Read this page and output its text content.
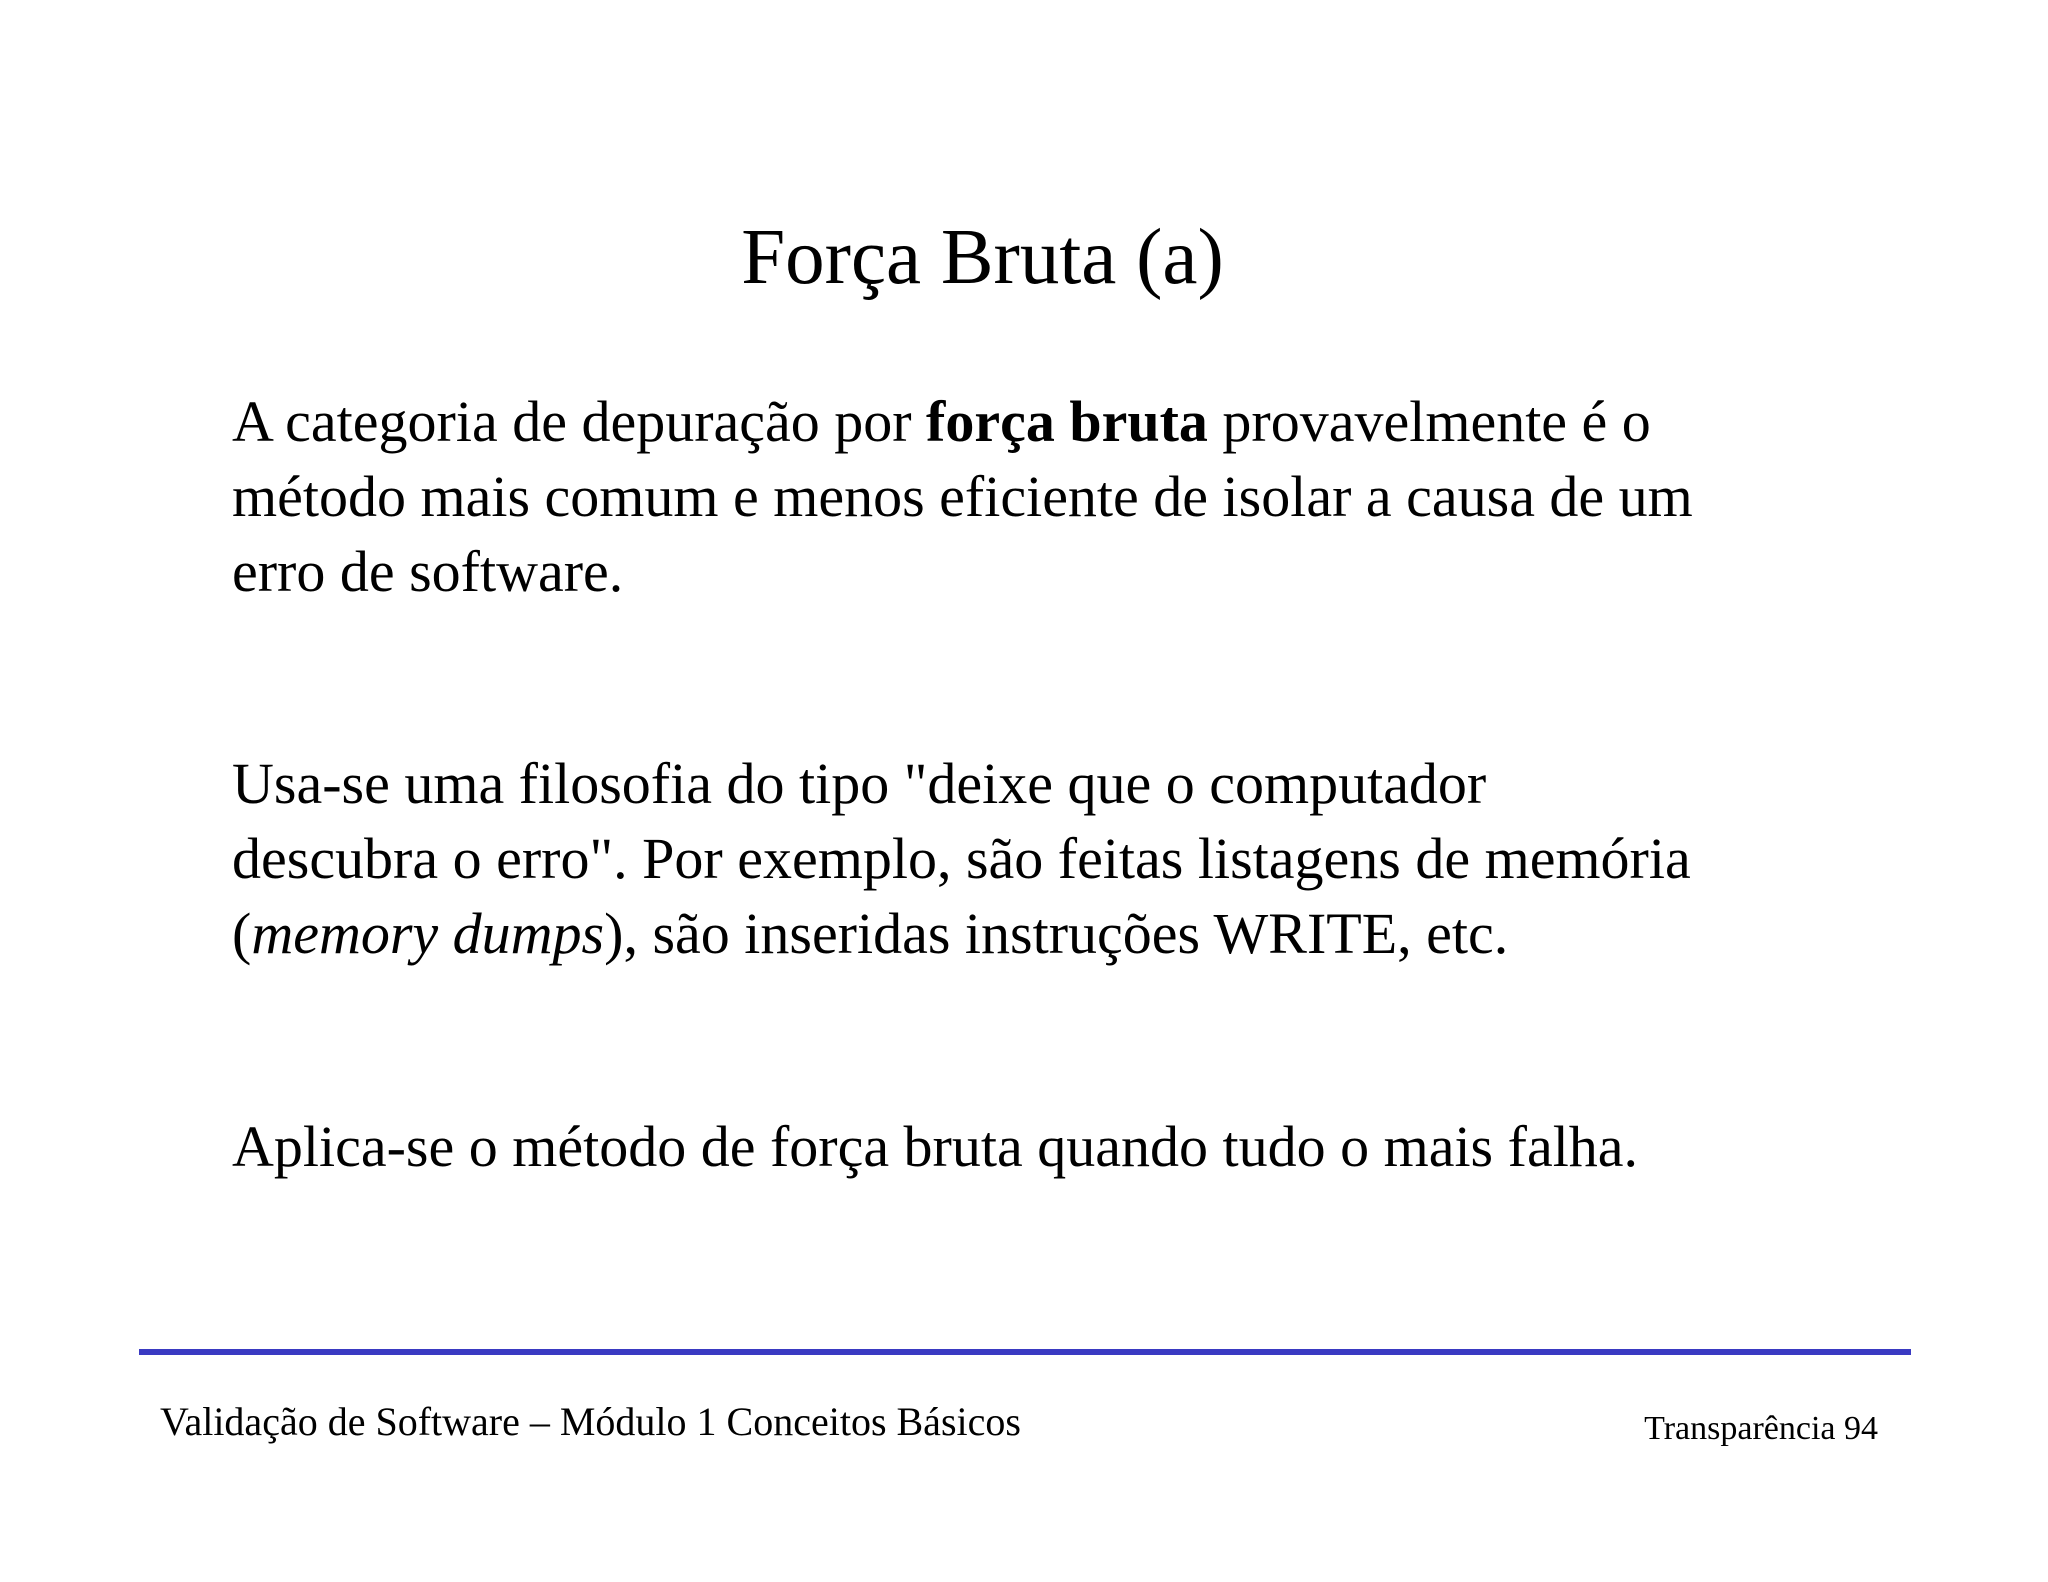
Força Bruta (a)

A categoria de depuração por força bruta provavelmente é o
método mais comum e menos eficiente de isolar a causa de um
erro de software.

Usa-se uma filosofia do tipo "deixe que o computador
descubra o erro". Por exemplo, são feitas listagens de memória
(memory dumps), são inseridas instruções WRITE, etc.

Aplica-se o método de força bruta quando tudo o mais falha.

Validação de Software – Módulo 1 Conceitos Básicos	Transparência 94
